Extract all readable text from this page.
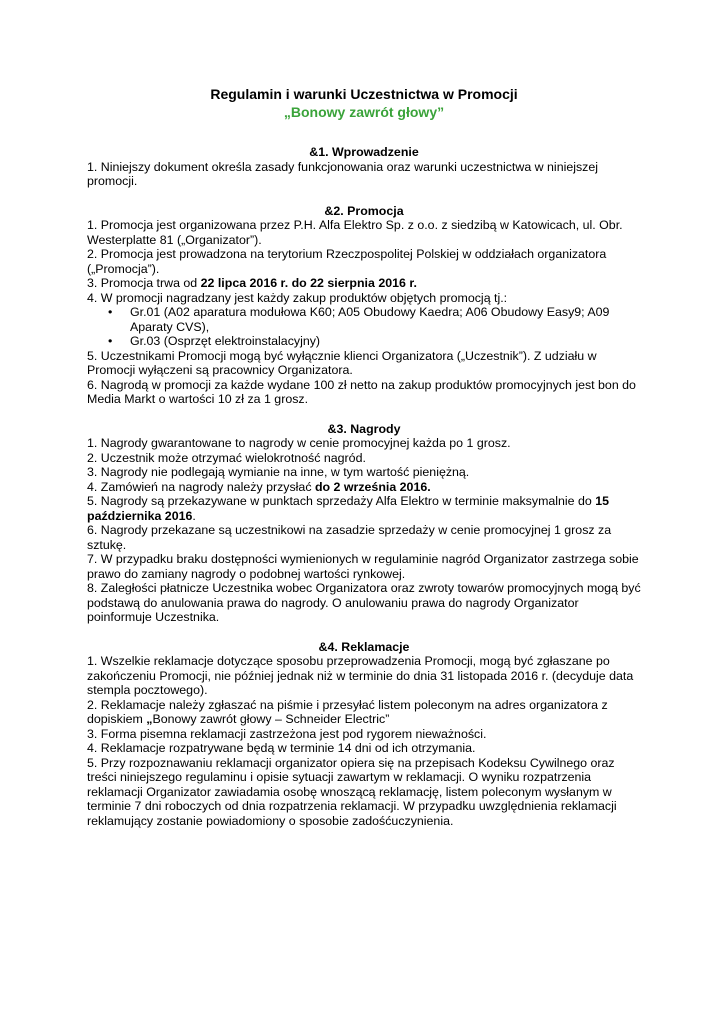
Regulamin i warunki Uczestnictwa w Promocji
„Bonowy zawrót głowy”
&1. Wprowadzenie

1. Niniejszy dokument określa zasady funkcjonowania oraz warunki uczestnictwa w niniejszej promocji.

&2. Promocja

1. Promocja jest organizowana przez P.H. Alfa Elektro Sp. z o.o. z siedzibą w Katowicach, ul. Obr. Westerplatte 81 („Organizator”).

2. Promocja jest prowadzona na terytorium Rzeczpospolitej Polskiej w oddziałach organizatora („Promocja”).

3. Promocja trwa od 22 lipca 2016 r. do 22 sierpnia 2016 r.

4. W promocji nagradzany jest każdy zakup produktów objętych promocją tj.:

• Gr.01 (A02 aparatura modułowa K60; A05 Obudowy Kaedra; A06 Obudowy Easy9; A09 Aparaty CVS),
• Gr.03 (Osprzęt elektroinstalacyjny)

5. Uczestnikami Promocji mogą być wyłącznie klienci Organizatora („Uczestnik”). Z udziału w Promocji wyłączeni są pracownicy Organizatora.

6. Nagrodą w promocji za każde wydane 100 zł netto na zakup produktów promocyjnych jest bon do Media Markt o wartości 10 zł za 1 grosz.

&3. Nagrody

1. Nagrody gwarantowane to nagrody w cenie promocyjnej każda po 1 grosz.

2. Uczestnik może otrzymać wielokrotność nagród.

3. Nagrody nie podlegają wymianie na inne, w tym wartość pieniężną.

4. Zamówień na nagrody należy przysłać do 2 września 2016.

5. Nagrody są przekazywane w punktach sprzedaży Alfa Elektro w terminie maksymalnie do 15 października 2016.

6. Nagrody przekazane są uczestnikowi na zasadzie sprzedaży w cenie promocyjnej 1 grosz za sztukę.

7. W przypadku braku dostępności wymienionych w regulaminie nagród Organizator zastrzega sobie prawo do zamiany nagrody o podobnej wartości rynkowej.

8. Zaległości płatnicze Uczestnika wobec Organizatora oraz zwroty towarów promocyjnych mogą być podstawą do anulowania prawa do nagrody. O anulowaniu prawa do nagrody Organizator poinformuje Uczestnika.

&4. Reklamacje

1. Wszelkie reklamacje dotyczące sposobu przeprowadzenia Promocji, mogą być zgłaszane po zakończeniu Promocji, nie później jednak niż w terminie do dnia 31 listopada 2016 r. (decyduje data stempla pocztowego).

2. Reklamacje należy zgłaszać na piśmie i przesyłać listem poleconym na adres organizatora z dopiskiem „Bonowy zawrót głowy – Schneider Electric”

3. Forma pisemna reklamacji zastrzeżona jest pod rygorem nieważności.

4. Reklamacje rozpatrywane będą w terminie 14 dni od ich otrzymania.

5. Przy rozpoznawaniu reklamacji organizator opiera się na przepisach Kodeksu Cywilnego oraz treści niniejszego regulaminu i opisie sytuacji zawartym w reklamacji. O wyniku rozpatrzenia reklamacji Organizator zawiadamia osobę wnoszącą reklamację, listem poleconym wysłanym w terminie 7 dni roboczych od dnia rozpatrzenia reklamacji. W przypadku uwzględnienia reklamacji reklamujący zostanie powiadomiony o sposobie zadośćuczynienia.
